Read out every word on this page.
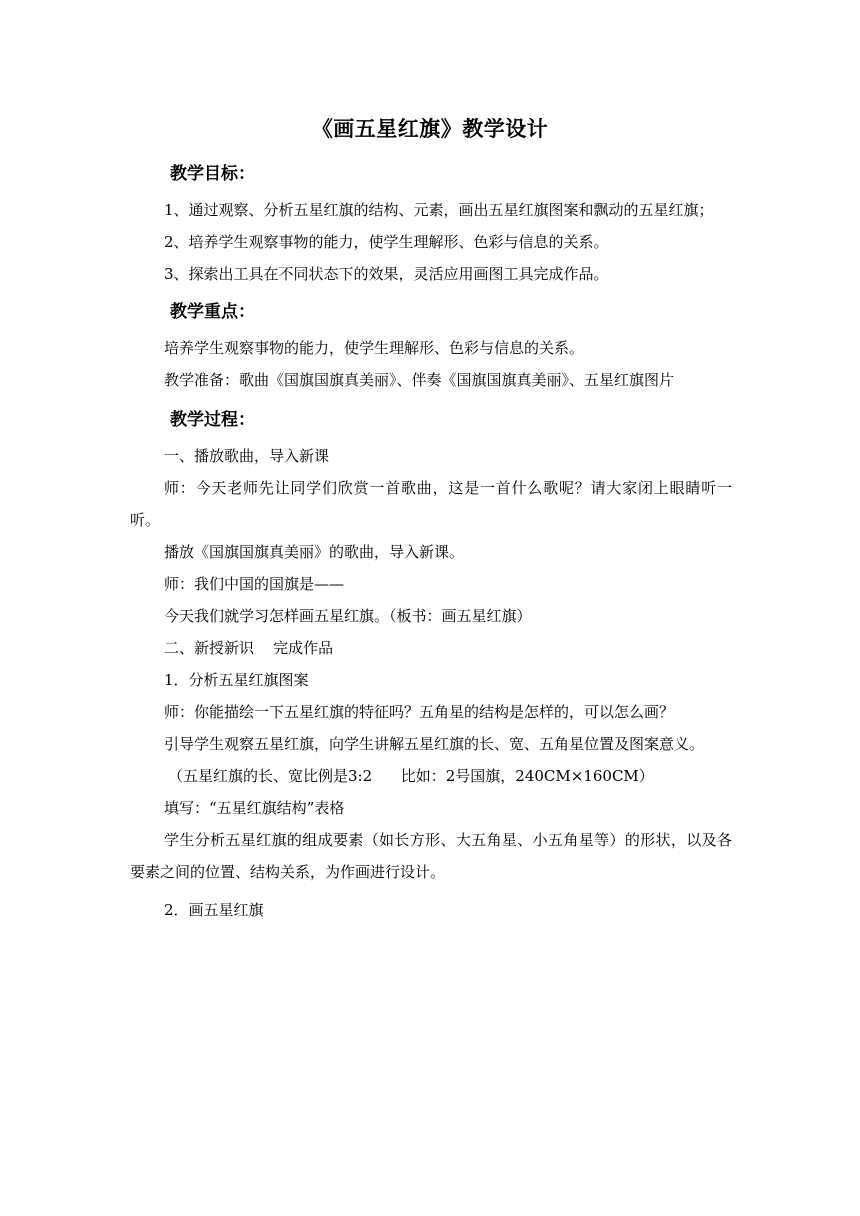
《画五星红旗》教学设计
教学目标：

1、通过观察、分析五星红旗的结构、元素，画出五星红旗图案和飘动的五星红旗；

2、培养学生观察事物的能力，使学生理解形、色彩与信息的关系。

3、探索出工具在不同状态下的效果，灵活应用画图工具完成作品。

教学重点：

培养学生观察事物的能力，使学生理解形、色彩与信息的关系。

教学准备：歌曲《国旗国旗真美丽》、伴奏《国旗国旗真美丽》、五星红旗图片

教学过程：

一、播放歌曲，导入新课

师：今天老师先让同学们欣赏一首歌曲，这是一首什么歌呢？请大家闭上眼睛听一听。

播放《国旗国旗真美丽》的歌曲，导入新课。

师：我们中国的国旗是——

今天我们就学习怎样画五星红旗。（板书：画五星红旗）

二、新授新识    完成作品

1．分析五星红旗图案

师：你能描绘一下五星红旗的特征吗？五角星的结构是怎样的，可以怎么画？

引导学生观察五星红旗，向学生讲解五星红旗的长、宽、五角星位置及图案意义。

（五星红旗的长、宽比例是3:2      比如：2号国旗，240CM×160CM）

填写：“五星红旗结构”表格

学生分析五星红旗的组成要素（如长方形、大五角星、小五角星等）的形状，以及各要素之间的位置、结构关系，为作画进行设计。

2．画五星红旗
